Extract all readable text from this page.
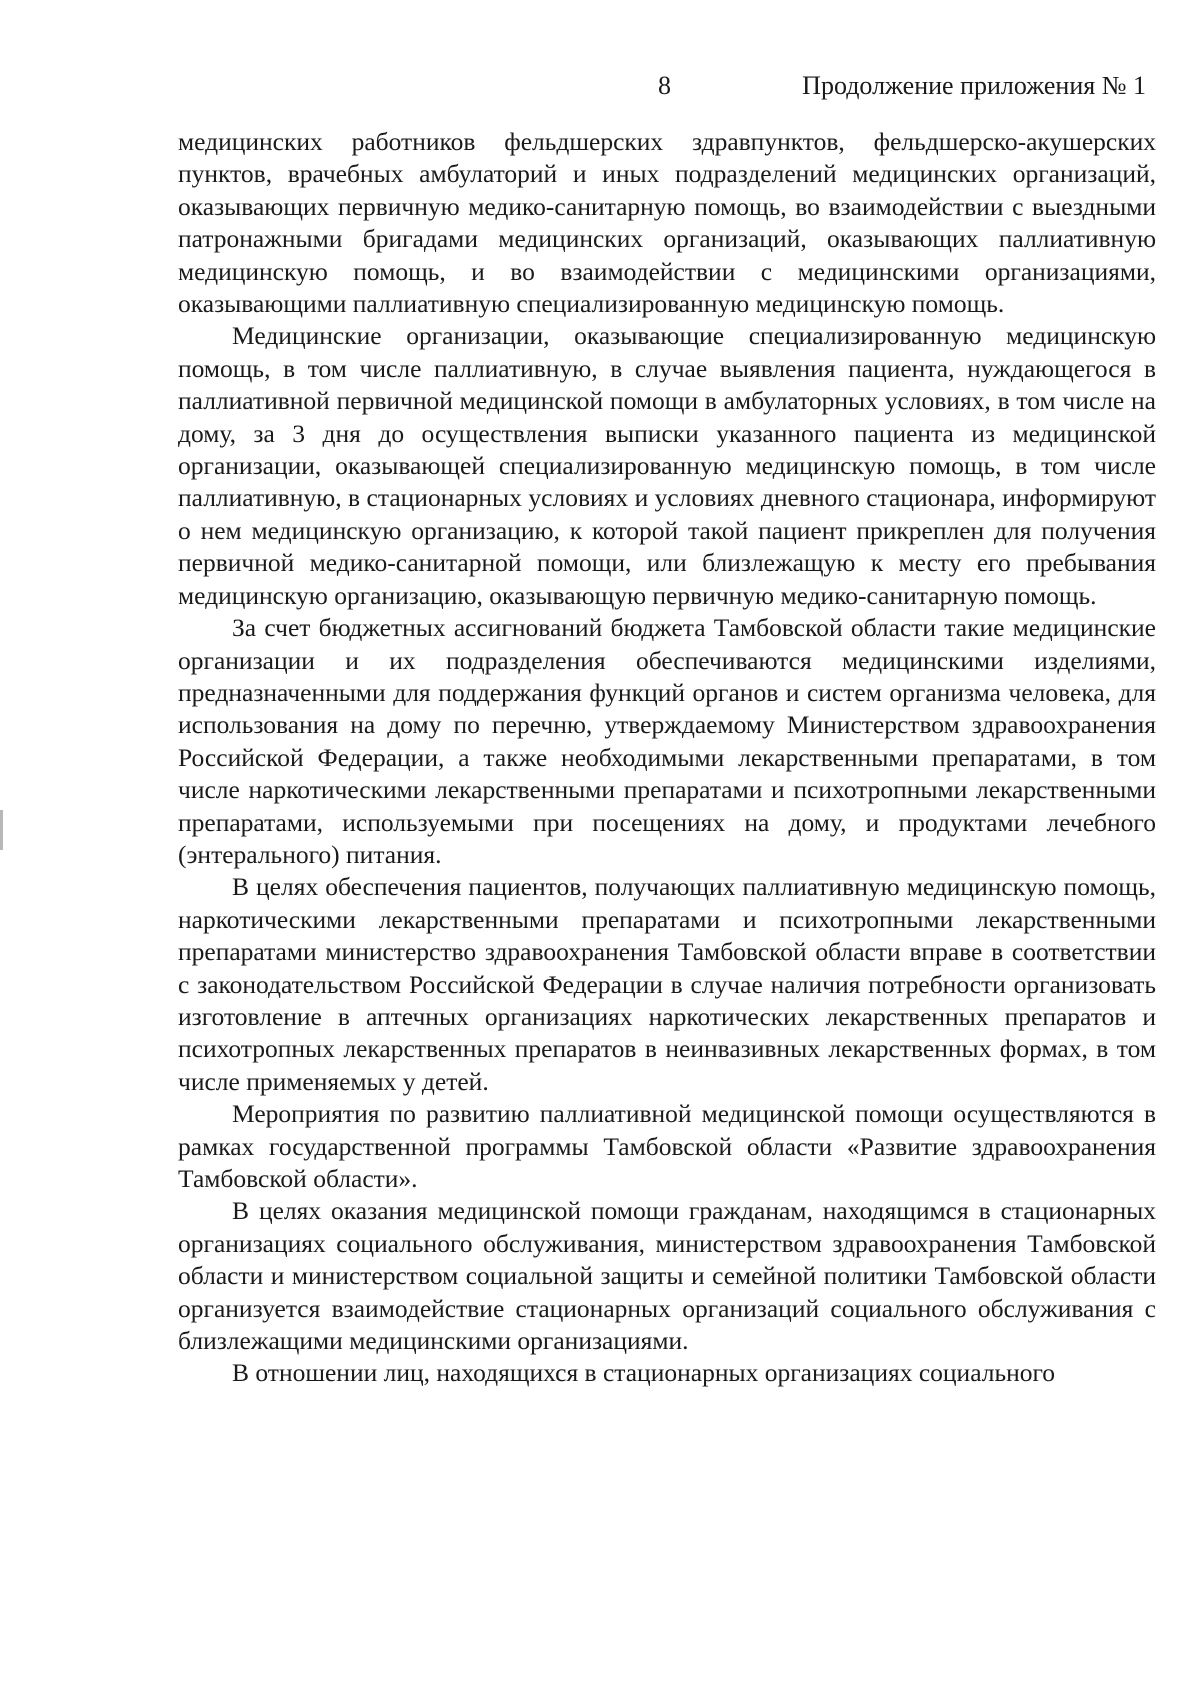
8	Продолжение приложения № 1

медицинских работников фельдшерских здравпунктов, фельдшерско-акушерских пунктов, врачебных амбулаторий и иных подразделений медицинских организаций, оказывающих первичную медико-санитарную помощь, во взаимодействии с выездными патронажными бригадами медицинских организаций, оказывающих паллиативную медицинскую помощь, и во взаимодействии с медицинскими организациями, оказывающими паллиативную специализированную медицинскую помощь.

Медицинские организации, оказывающие специализированную медицинскую помощь, в том числе паллиативную, в случае выявления пациента, нуждающегося в паллиативной первичной медицинской помощи в амбулаторных условиях, в том числе на дому, за 3 дня до осуществления выписки указанного пациента из медицинской организации, оказывающей специализированную медицинскую помощь, в том числе паллиативную, в стационарных условиях и условиях дневного стационара, информируют о нем медицинскую организацию, к которой такой пациент прикреплен для получения первичной медико-санитарной помощи, или близлежащую к месту его пребывания медицинскую организацию, оказывающую первичную медико-санитарную помощь.

За счет бюджетных ассигнований бюджета Тамбовской области такие медицинские организации и их подразделения обеспечиваются медицинскими изделиями, предназначенными для поддержания функций органов и систем организма человека, для использования на дому по перечню, утверждаемому Министерством здравоохранения Российской Федерации, а также необходимыми лекарственными препаратами, в том числе наркотическими лекарственными препаратами и психотропными лекарственными препаратами, используемыми при посещениях на дому, и продуктами лечебного (энтерального) питания.

В целях обеспечения пациентов, получающих паллиативную медицинскую помощь, наркотическими лекарственными препаратами и психотропными лекарственными препаратами министерство здравоохранения Тамбовской области вправе в соответствии с законодательством Российской Федерации в случае наличия потребности организовать изготовление в аптечных организациях наркотических лекарственных препаратов и психотропных лекарственных препаратов в неинвазивных лекарственных формах, в том числе применяемых у детей.

Мероприятия по развитию паллиативной медицинской помощи осуществляются в рамках государственной программы Тамбовской области «Развитие здравоохранения Тамбовской области».

В целях оказания медицинской помощи гражданам, находящимся в стационарных организациях социального обслуживания, министерством здравоохранения Тамбовской области и министерством социальной защиты и семейной политики Тамбовской области организуется взаимодействие стационарных организаций социального обслуживания с близлежащими медицинскими организациями.

В отношении лиц, находящихся в стационарных организациях социального
